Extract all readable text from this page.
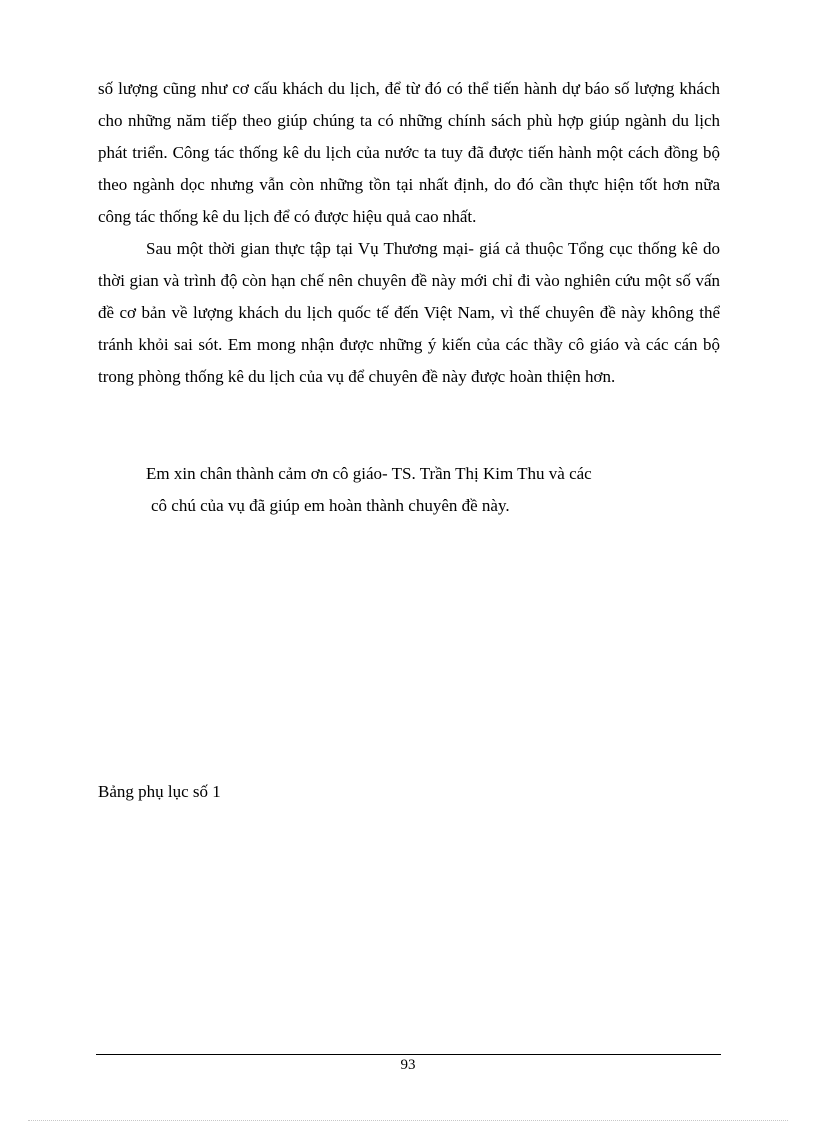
số lượng cũng như cơ cấu khách du lịch, để từ đó có thể tiến hành dự báo số lượng khách cho những năm tiếp theo giúp chúng ta có những chính sách phù hợp giúp ngành du lịch phát triển. Công tác thống kê du lịch của nước ta tuy đã được tiến hành một cách đồng bộ theo ngành dọc nhưng vẫn còn những tồn tại nhất định, do đó cần thực hiện tốt hơn nữa công tác thống kê du lịch để có được hiệu quả cao nhất.

Sau một thời gian thực tập tại Vụ Thương mại- giá cả thuộc Tổng cục thống kê do thời gian và trình độ còn hạn chế nên chuyên đề này mới chỉ đi vào nghiên cứu một số vấn đề cơ bản về lượng khách du lịch quốc tế đến Việt Nam, vì thế chuyên đề này không thể tránh khỏi sai sót. Em mong nhận được những ý kiến của các thầy cô giáo và các cán bộ trong phòng thống kê du lịch của vụ để chuyên đề này được hoàn thiện hơn.

Em xin chân thành cảm ơn cô giáo- TS. Trần Thị Kim Thu và các
cô chú của vụ đã giúp em hoàn thành chuyên đề này.
Bảng phụ lục số 1
93
